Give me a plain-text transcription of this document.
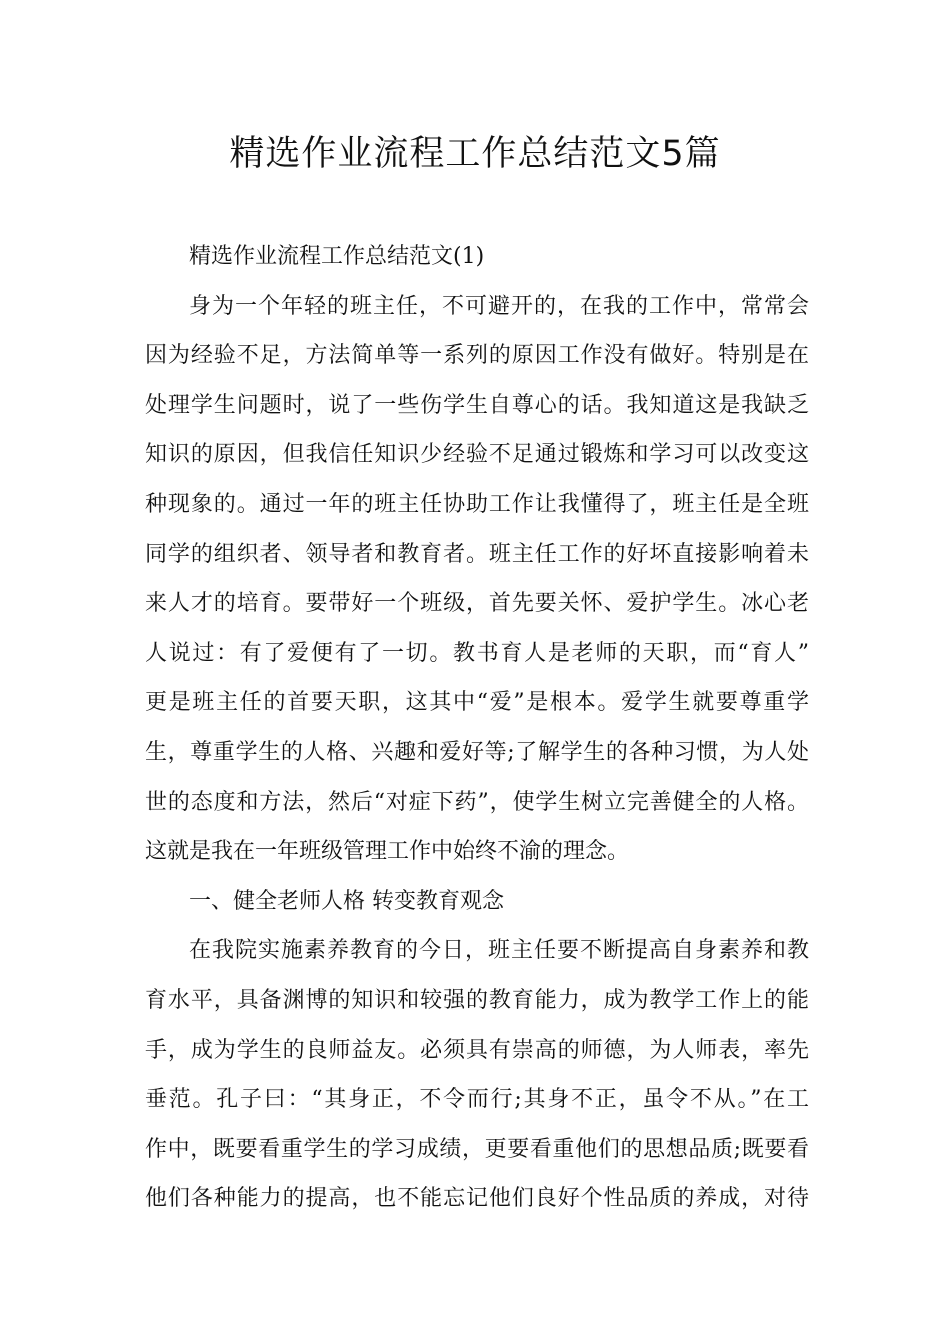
精选作业流程工作总结范文5篇
精选作业流程工作总结范文(1)
身为一个年轻的班主任，不可避开的，在我的工作中，常常会
因为经验不足，方法简单等一系列的原因工作没有做好。特别是在
处理学生问题时，说了一些伤学生自尊心的话。我知道这是我缺乏
知识的原因，但我信任知识少经验不足通过锻炼和学习可以改变这
种现象的。通过一年的班主任协助工作让我懂得了，班主任是全班
同学的组织者、领导者和教育者。班主任工作的好坏直接影响着未
来人才的培育。要带好一个班级，首先要关怀、爱护学生。冰心老
人说过：有了爱便有了一切。教书育人是老师的天职，而“育人”
更是班主任的首要天职，这其中“爱”是根本。爱学生就要尊重学
生，尊重学生的人格、兴趣和爱好等;了解学生的各种习惯，为人处
世的态度和方法，然后“对症下药”，使学生树立完善健全的人格。
这就是我在一年班级管理工作中始终不渝的理念。
一、健全老师人格 转变教育观念
在我院实施素养教育的今日，班主任要不断提高自身素养和教
育水平，具备渊博的知识和较强的教育能力，成为教学工作上的能
手，成为学生的良师益友。必须具有崇高的师德，为人师表，率先
垂范。孔子曰：“其身正，不令而行;其身不正，虽令不从。”在工
作中，既要看重学生的学习成绩，更要看重他们的思想品质;既要看
他们各种能力的提高，也不能忘记他们良好个性品质的养成，对待
